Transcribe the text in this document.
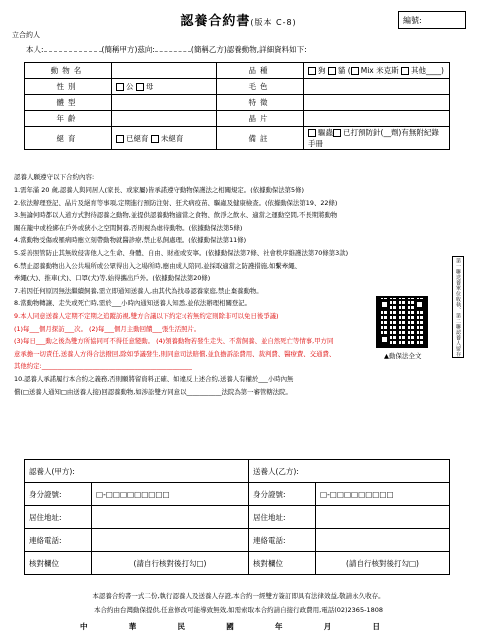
認養合約書(版本 C-8)	編號:
立合約人
本人:	(簡稱甲方)茲向:	(簡稱乙方)認養動物,詳細資料如下:
動物名		品種	狗 貓 ( Mix 米克斯 其他____)
性別	公 母	毛色	
體型		特徵	
年齡		晶片	
絕育	已絕育 未絕育	備註	驅蟲 已打預防針(__劑)有無附紀錄手冊
認養人願遵守以下合約內容:
1.需年滿 20 歲,認養人與同居人(家長、或家屬)皆承諾遵守動物保護法之相關規定。(依據動保法第5條)
2.依法辦理登記、晶片及絕育等事項,定期進行預防注射、狂犬病疫苗、驅蟲及健康檢查。(依據動保法第19、22條)
3.無論何時都以人道方式對待認養之動物,並提供認養動物適當之食物、飲淨之飲水、適當之運動空間,不長期將動物
關在籠中或栓綁在戶外或狹小之空間飼養,否則視為虐待動物。(依據動保法第5條)
4.當動物受傷或罹病時應立刻帶動物就醫診療,禁止私飼處理。(依據動保法第11條)
5.妥善照管防止其無故侵害他人之生命、身體、自由、財產或安寧。(依據動保法第7條、社會秩序維護法第70條第3款)
6.禁止認養動物出入公共場所或公眾得出入之場所時,應由成人陪同,並採取適當之防護措施,如繫牽繩、
牽繩(大)、推車(犬)、口罩(犬)等,始得攜出戶外。(依據動保法第20條)
7.若因任何原因無法繼續飼養,需立即通知送養人,由其代為找尋認養家庭,禁止棄養動物。
8.當動物轉讓、走失或死亡時,需於___小時內通知送養人知悉,並依法辦理相關登記。
9.本人同意送養人定期不定期之追蹤訪視,雙方合議以下約定:(若無約定則除非可以免日後爭議)
(1)每___個月探訪___次。 (2)每___個月主動回饋___張生活照片。
(3)每日___動之後為雙方所協同可不得任意變動。 (4)領養動物若發生走失、不當飼養、並自然死亡等情事,甲方同
意承擔一切責任,送養人方得合法撥回,除如爭議發生,則同意司法賠償,並負擔訴訟費用、裁判費、醫療費、交通費、
其他約定:_______________________________________________
10.認養人承諾履行本合約之義務,否則願將留資料正確、如違反上述合約,送養人有權於___小時內無
償(□送養人通知□由送養人接)回認養動物,如涉訟雙方同意以___________法院為第一審管轄法院。
第一聯送養單位收執、第二聯認養人留存
▲動保法全文
認養人(甲方):		送養人(乙方):	
身分證號:	□-□□□□□□□□□	身分證號:	□-□□□□□□□□□
居住地址:		居住地址:	
連絡電話:		連絡電話:	
核對欄位	(請自行核對後打勾□)	核對欄位	(請自行核對後打勾□)
本認養合約書一式二份,執行認養人及送養人存證,本合約一經雙方簽訂即具有法律效益,敬請永久收存。
本合約由台灣動保提供,任意修改可能導致無效,如需索取本合約請自接行政費用,電話(02)2365-1808
中	華	民	國	年	月	日
